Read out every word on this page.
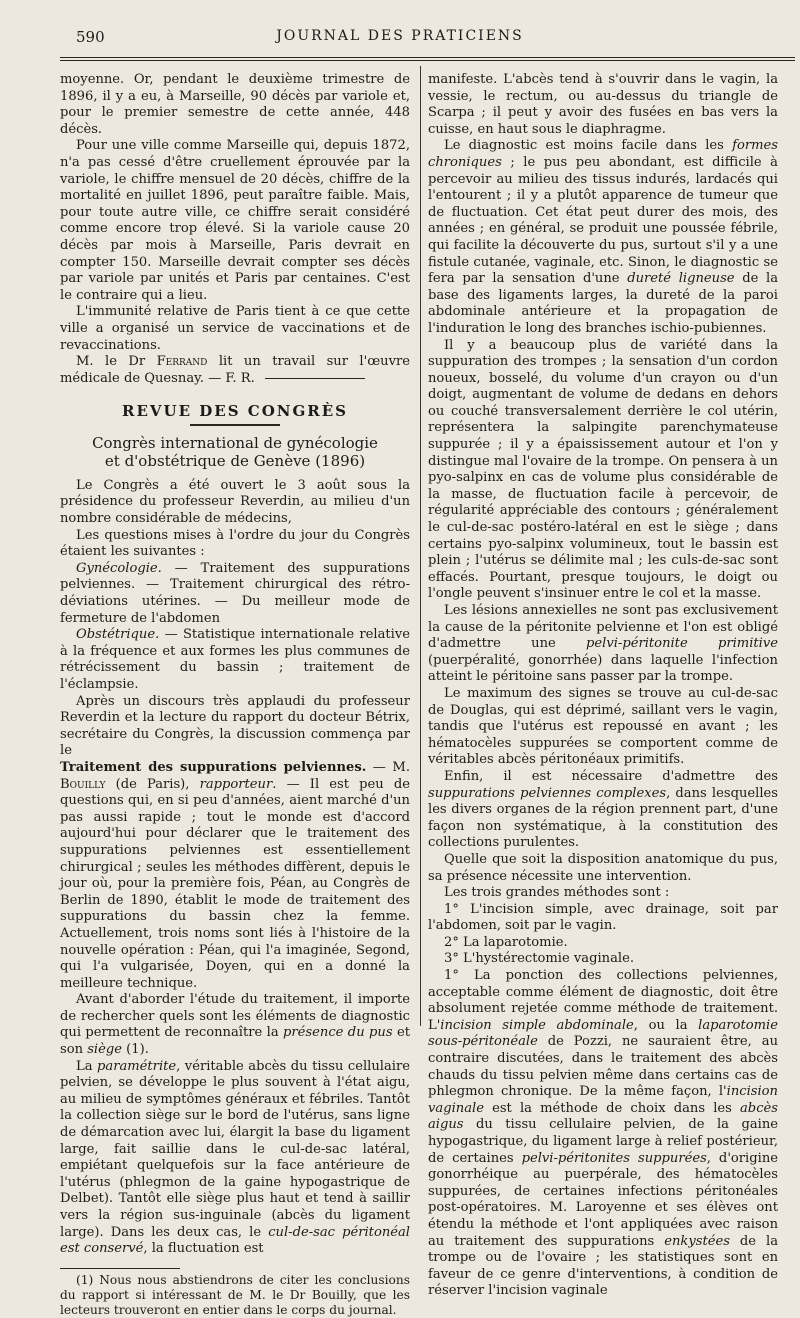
590	JOURNAL DES PRATICIENS

moyenne. Or, pendant le deuxième trimestre de 1896, il y a eu, à Marseille, 90 décès par variole et, pour le premier semestre de cette année, 448 décès.

Pour une ville comme Marseille qui, depuis 1872, n'a pas cessé d'être cruellement éprouvée par la variole, le chiffre mensuel de 20 décès, chiffre de la mortalité en juillet 1896, peut paraître faible. Mais, pour toute autre ville, ce chiffre serait considéré comme encore trop élevé. Si la variole cause 20 décès par mois à Marseille, Paris devrait en compter 150. Marseille devrait compter ses décès par variole par unités et Paris par centaines. C'est le contraire qui a lieu.

L'immunité relative de Paris tient à ce que cette ville a organisé un service de vaccinations et de revaccinations.

M. le Dr Ferrand lit un travail sur l'œuvre médicale de Quesnay. — F. R.

REVUE DES CONGRÈS
Congrès international de gynécologie
et d'obstétrique de Genève (1896)

Le Congrès a été ouvert le 3 août sous la présidence du professeur Reverdin, au milieu d'un nombre considérable de médecins,

Les questions mises à l'ordre du jour du Congrès étaient les suivantes :

Gynécologie. — Traitement des suppurations pelviennes. — Traitement chirurgical des rétro-déviations utérines. — Du meilleur mode de fermeture de l'abdomen

Obstétrique. — Statistique internationale relative à la fréquence et aux formes les plus communes de rétrécissement du bassin ; traitement de l'éclampsie.

Après un discours très applaudi du professeur Reverdin et la lecture du rapport du docteur Bétrix, secrétaire du Congrès, la discussion commença par le

Traitement des suppurations pelviennes. — M. Bouilly (de Paris), rapporteur. — Il est peu de questions qui, en si peu d'années, aient marché d'un pas aussi rapide ; tout le monde est d'accord aujourd'hui pour déclarer que le traitement des suppurations pelviennes est essentiellement chirurgical ; seules les méthodes diffèrent, depuis le jour où, pour la première fois, Péan, au Congrès de Berlin de 1890, établit le mode de traitement des suppurations du bassin chez la femme. Actuellement, trois noms sont liés à l'histoire de la nouvelle opération : Péan, qui l'a imaginée, Segond, qui l'a vulgarisée, Doyen, qui en a donné la meilleure technique.

Avant d'aborder l'étude du traitement, il importe de rechercher quels sont les éléments de diagnostic qui permettent de reconnaître la présence du pus et son siège (1).

La paramétrite, véritable abcès du tissu cellulaire pelvien, se développe le plus souvent à l'état aigu, au milieu de symptômes généraux et fébriles. Tantôt la collection siège sur le bord de l'utérus, sans ligne de démarcation avec lui, élargit la base du ligament large, fait saillie dans le cul-de-sac latéral, empiétant quelquefois sur la face antérieure de l'utérus (phlegmon de la gaine hypogastrique de Delbet). Tantôt elle siège plus haut et tend à saillir vers la région sus-inguinale (abcès du ligament large). Dans les deux cas, le cul-de-sac péritonéal est conservé, la fluctuation est

(1) Nous nous abstiendrons de citer les conclusions du rapport si intéressant de M. le Dr Bouilly, que les lecteurs trouveront en entier dans le corps du journal.

manifeste. L'abcès tend à s'ouvrir dans le vagin, la vessie, le rectum, ou au-dessus du triangle de Scarpa ; il peut y avoir des fusées en bas vers la cuisse, en haut sous le diaphragme.

Le diagnostic est moins facile dans les formes chroniques ; le pus peu abondant, est difficile à percevoir au milieu des tissus indurés, lardacés qui l'entourent ; il y a plutôt apparence de tumeur que de fluctuation. Cet état peut durer des mois, des années ; en général, se produit une poussée fébrile, qui facilite la découverte du pus, surtout s'il y a une fistule cutanée, vaginale, etc. Sinon, le diagnostic se fera par la sensation d'une dureté ligneuse de la base des ligaments larges, la dureté de la paroi abdominale antérieure et la propagation de l'induration le long des branches ischio-pubiennes.

Il y a beaucoup plus de variété dans la suppuration des trompes ; la sensation d'un cordon noueux, bosselé, du volume d'un crayon ou d'un doigt, augmentant de volume de dedans en dehors ou couché transversalement derrière le col utérin, représentera la salpingite parenchymateuse suppurée ; il y a épaississement autour et l'on y distingue mal l'ovaire de la trompe. On pensera à un pyo-salpinx en cas de volume plus considérable de la masse, de fluctuation facile à percevoir, de régularité appréciable des contours ; généralement le cul-de-sac postéro-latéral en est le siège ; dans certains pyo-salpinx volumineux, tout le bassin est plein ; l'utérus se délimite mal ; les culs-de-sac sont effacés. Pourtant, presque toujours, le doigt ou l'ongle peuvent s'insinuer entre le col et la masse.

Les lésions annexielles ne sont pas exclusivement la cause de la péritonite pelvienne et l'on est obligé d'admettre une pelvi-péritonite primitive (puerpéralité, gonorrhée) dans laquelle l'infection atteint le péritoine sans passer par la trompe.

Le maximum des signes se trouve au cul-de-sac de Douglas, qui est déprimé, saillant vers le vagin, tandis que l'utérus est repoussé en avant ; les hématocèles suppurées se comportent comme de véritables abcès péritonéaux primitifs.

Enfin, il est nécessaire d'admettre des suppurations pelviennes complexes, dans lesquelles les divers organes de la région prennent part, d'une façon non systématique, à la constitution des collections purulentes.

Quelle que soit la disposition anatomique du pus, sa présence nécessite une intervention.

Les trois grandes méthodes sont :

1° L'incision simple, avec drainage, soit par l'abdomen, soit par le vagin.

2° La laparotomie.

3° L'hystérectomie vaginale.

1° La ponction des collections pelviennes, acceptable comme élément de diagnostic, doit être absolument rejetée comme méthode de traitement. L'incision simple abdominale, ou la laparotomie sous-péritonéale de Pozzi, ne sauraient être, au contraire discutées, dans le traitement des abcès chauds du tissu pelvien même dans certains cas de phlegmon chronique. De la même façon, l'incision vaginale est la méthode de choix dans les abcès aigus du tissu cellulaire pelvien, de la gaine hypogastrique, du ligament large à relief postérieur, de certaines pelvi-péritonites suppurées, d'origine gonorrhéique au puerpérale, des hématocèles suppurées, de certaines infections péritonéales post-opératoires. M. Laroyenne et ses élèves ont étendu la méthode et l'ont appliquées avec raison au traitement des suppurations enkystées de la trompe ou de l'ovaire ; les statistiques sont en faveur de ce genre d'interventions, à condition de réserver l'incision vaginale
